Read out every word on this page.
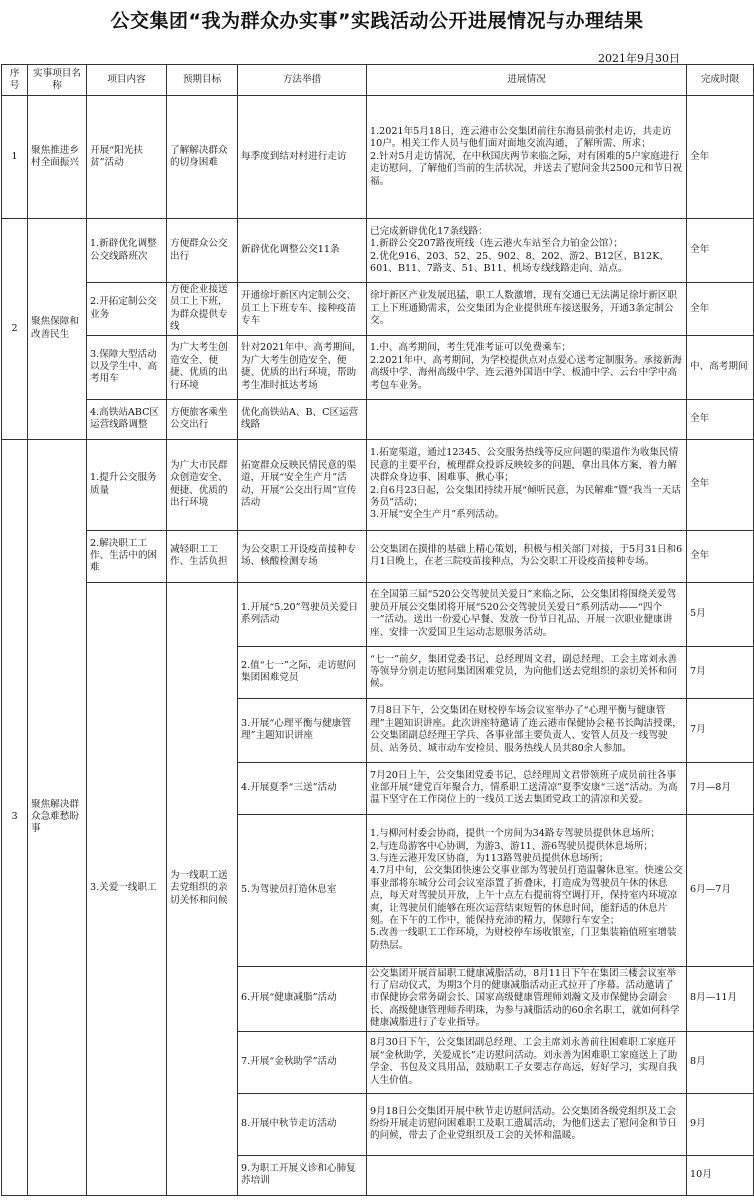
公交集团“我为群众办实事”实践活动公开进展情况与办理结果
2021年9月30日
序号	实事项目名称	项目内容	预期目标	方法举措	进展情况	完成时限
1	聚焦推进乡村全面振兴	开展“阳光扶贫”活动	了解解决群众的切身困难	每季度到结对村进行走访	1.2021年5月18日，连云港市公交集团前往东海县前张村走访，共走访10户。相关工作人员与他们面对面地交流沟通，了解所需、所求；
2.针对5月走访情况，在中秋国庆两节来临之际，对有困难的5户家庭进行走访慰问，了解他们当前的生活状况，并送去了慰问金共2500元和节日祝福。	全年
2	聚焦保障和改善民生	1.新辟优化调整公交线路班次	方便群众公交出行	新辟优化调整公交11条	已完成新辟优化17条线路：
1.新辟公交207路夜班线（连云港火车站至合力铂金公馆）；
2.优化916、203、52、25、902、8、202、游2、B12区、B12K、601、B11、7路支、51、B11、机场专线线路走向、站点。	全年
		2.开拓定制公交业务	方便企业接送员工上下班，为群众提供专线	开通徐圩新区内定制公交、员工上下班专车、接种疫苗专车	徐圩新区产业发展迅猛，职工人数激增，现有交通已无法满足徐圩新区职工上下班通勤需求，公交集团为企业提供班车接送服务，开通3条定制公交。	全年
		3.保障大型活动以及学生中、高考用车	为广大考生创造安全、便捷、优质的出行环境	针对2021年中、高考期间，为广大考生创造安全、便捷、优质的出行环境，帮助考生准时抵达考场	1.中、高考期间，考生凭准考证可以免费乘车；
2.2021年中、高考期间，为学校提供点对点爱心送考定制服务。承接新海高级中学、海州高级中学、连云港外国语中学、板浦中学、云台中学中高考包车业务。	中、高考期间
		4.高铁站ABC区运营线路调整	方便旅客乘坐公交出行	优化高铁站A、B、C区运营线路		全年
3	聚焦解决群众急难愁盼事	1.提升公交服务质量	为广大市民群众创造安全、便捷、优质的出行环境	拓宽群众反映民情民意的渠道，开展“安全生产月”活动，开展“公交出行周”宣传活动	1.拓宽渠道，通过12345、公交服务热线等反应问题的渠道作为收集民情民意的主要平台，梳理群众投诉反映较多的问题，拿出具体方案，着力解决群众身边事、困难事、揪心事；
2.自6月23日起，公交集团持续开展“倾听民意，为民解难”暨“我当一天话务员”活动；
3.开展“安全生产月”系列活动。	全年
		2.解决职工工作、生活中的困难	减轻职工工作、生活负担	为公交职工开设疫苗接种专场、核酸检测专场	公交集团在摸排的基础上精心策划，积极与相关部门对接，于5月31日和6月1日晚上，在老三院疫苗接种点，为公交职工开设疫苗接种专场。	全年
		3.关爱一线职工	为一线职工送去党组织的亲切关怀和问候	1.开展“5.20”驾驶员关爱日系列活动	在全国第三届“520公交驾驶员关爱日”来临之际，公交集团将围绕关爱驾驶员开展公交集团将开展“520公交驾驶员关爱日”系列活动——“四个一”活动。送出一份爱心早餐、发放一份节日礼品、开展一次职业健康讲座、安排一次爱国卫生运动志愿服务活动。	5月
				2.值“七一”之际，走访慰问集团困难党员	“七一”前夕，集团党委书记、总经理周文君，副总经理、工会主席刘永善等领导分别走访慰问集团困难党员，为向他们送去党组织的亲切关怀和问候。	7月
				3.开展“心理平衡与健康管理”主题知识讲座	7月8日下午，公交集团在财校停车场会议室举办了“心理平衡与健康管理”主题知识讲座。此次讲座特邀请了连云港市保健协会秘书长陶洁授课，公交集团副总经理王学兵、各事业部主要负责人、安管人员及一线驾驶员、站务员、城市动车安检员、服务热线人员共80余人参加。	7月
				4.开展夏季“三送”活动	7月20日上午，公交集团党委书记、总经理周文君带领班子成员前往各事业部开展“建党百年聚合力，情系职工送清凉”夏季安康“三送”活动。为高温下坚守在工作岗位上的一线员工送去集团党政工的清凉和关爱。	7月—8月
				5.为驾驶员打造休息室	1.与柳河村委会协商，提供一个房间为34路专驾驶员提供休息场所；
2.与连岛游客中心协调，为游3、游11、游6驾驶员提供休息场所；
3.与连云港开发区协商，为113路驾驶员提供休息场所；
4.7月中旬，公交集团快速公交事业部为驾驶员打造温馨休息室。快速公交事业部将东城分公司会议室添置了折叠床，打造成为驾驶员午休的休息点，每天对驾驶员开放，上午十点左右提前将空调打开，保持室内环境凉爽，让驾驶员们能够在班次运营结束短暂的休息时间，能舒适的休息片刻。在下午的工作中，能保持充沛的精力，保障行车安全；
5.改善一线职工工作环境，为财校停车场收银室，门卫集装箱值班室增装防热层。	6月—7月
				6.开展“健康减脂”活动	公交集团开展首届职工健康减脂活动，8月11日下午在集团三楼会议室举行了启动仪式，为期3个月的健康减脂活动正式拉开了序幕。活动邀请了市保健协会常务副会长、国家高级健康管理师刘瀚文及市保健协会副会长、高级健康管理师乔明珠，为参与减脂活动的60余名职工，就如何科学健康减脂进行了专业指导。	8月—11月
				7.开展“金秋助学”活动	8月30日下午，公交集团副总经理、工会主席刘永善前往困难职工家庭开展“金秋助学，关爱成长”走访慰问活动。刘永善为困难职工家庭送上了助学金、书包及文具用品，鼓励职工子女要志存高远，好好学习，实现自我人生价值。	8月
				8.开展中秋节走访活动	9月18日公交集团开展中秋节走访慰问活动。公交集团各级党组织及工会纷纷开展走访慰问困难职工及职工遗属活动，为他们送去了慰问金和节日的问候，带去了企业党组织及工会的关怀和温暖。	9月
				9.为职工开展义诊和心肺复苏培训		10月
